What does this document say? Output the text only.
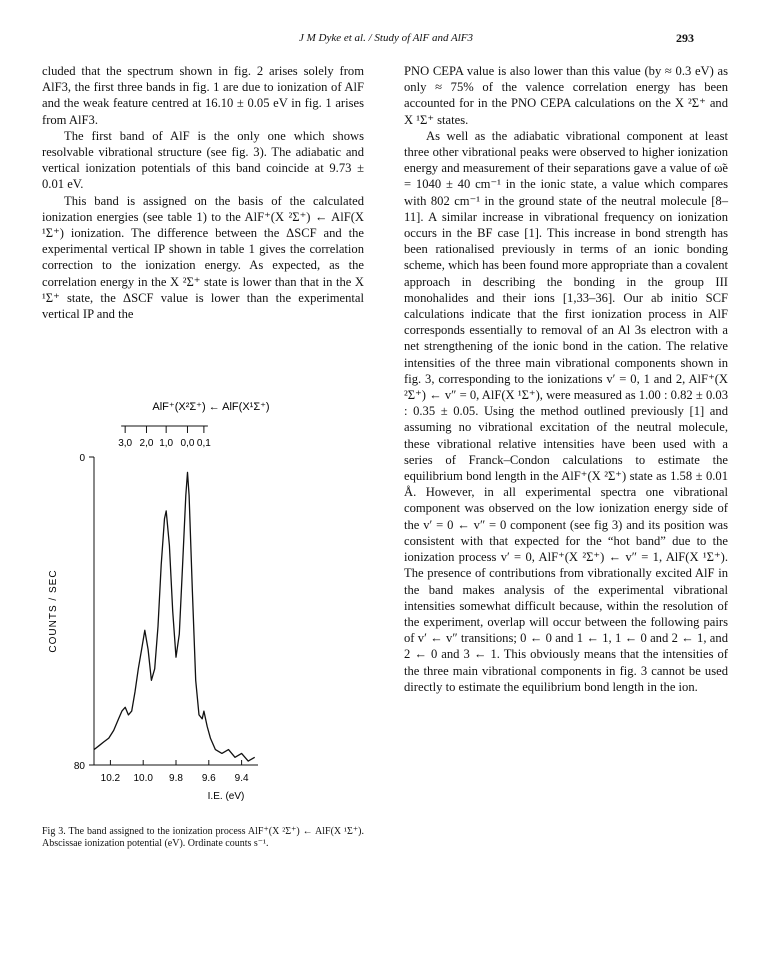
J M Dyke et al. / Study of AlF and AlF3	293

cluded that the spectrum shown in fig. 2 arises solely from AlF3, the first three bands in fig. 1 are due to ionization of AlF and the weak feature centred at 16.10 ± 0.05 eV in fig. 1 arises from AlF3.

The first band of AlF is the only one which shows resolvable vibrational structure (see fig. 3). The adiabatic and vertical ionization potentials of this band coincide at 9.73 ± 0.01 eV.

This band is assigned on the basis of the calculated ionization energies (see table 1) to the AlF⁺(X ²Σ⁺) ← AlF(X ¹Σ⁺) ionization. The difference between the ΔSCF and the experimental vertical IP shown in table 1 gives the correlation correction to the ionization energy. As expected, as the correlation energy in the X ²Σ⁺ state is lower than that in the X ¹Σ⁺ state, the ΔSCF value is lower than the experimental vertical IP and the

PNO CEPA value is also lower than this value (by ≈ 0.3 eV) as only ≈ 75% of the valence correlation energy has been accounted for in the PNO CEPA calculations on the X ²Σ⁺ and X ¹Σ⁺ states.

As well as the adiabatic vibrational component at least three other vibrational peaks were observed to higher ionization energy and measurement of their separations gave a value of ω̃e = 1040 ± 40 cm⁻¹ in the ionic state, a value which compares with 802 cm⁻¹ in the ground state of the neutral molecule [8–11]. A similar increase in vibrational frequency on ionization occurs in the BF case [1]. This increase in bond strength has been rationalised previously in terms of an ionic bonding scheme, which has been found more appropriate than a covalent approach in describing the bonding in the group III monohalides and their ions [1,33–36]. Our ab initio SCF calculations indicate that the first ionization process in AlF corresponds essentially to removal of an Al 3s electron with a net strengthening of the ionic bond in the cation. The relative intensities of the three main vibrational components shown in fig. 3, corresponding to the ionizations v′ = 0, 1 and 2, AlF⁺(X ²Σ⁺) ← v″ = 0, AlF(X ¹Σ⁺), were measured as 1.00 : 0.82 ± 0.03 : 0.35 ± 0.05. Using the method outlined previously [1] and assuming no vibrational excitation of the neutral molecule, these vibrational relative intensities have been used with a series of Franck–Condon calculations to estimate the equilibrium bond length in the AlF⁺(X ²Σ⁺) state as 1.58 ± 0.01 Å. However, in all experimental spectra one vibrational component was observed on the low ionization energy side of the v′ = 0 ← v″ = 0 component (see fig 3) and its position was consistent with that expected for the “hot band” due to the ionization process v′ = 0, AlF⁺(X ²Σ⁺) ← v″ = 1, AlF(X ¹Σ⁺). The presence of contributions from vibrationally excited AlF in the band makes analysis of the experimental vibrational intensities somewhat difficult because, within the resolution of the experiment, overlap will occur between the following pairs of v′ ← v″ transitions; 0 ← 0 and 1 ← 1, 1 ← 0 and 2 ← 1, and 2 ← 0 and 3 ← 1. This obviously means that the intensities of the three main vibrational components in fig. 3 cannot be used directly to estimate the equilibrium bond length in the ion.

AlF⁺(X²Σ⁺) ← AlF(X¹Σ⁺)
3,0 2,0 1,0 0,0 0,1
80
0
10.2 10.0 9.8 9.6 9.4
COUNTS / SEC
I.E. (eV)
Fig 3. The band assigned to the ionization process AlF⁺(X ²Σ⁺) ← AlF(X ¹Σ⁺). Abscissae ionization potential (eV). Ordinate counts s⁻¹.
